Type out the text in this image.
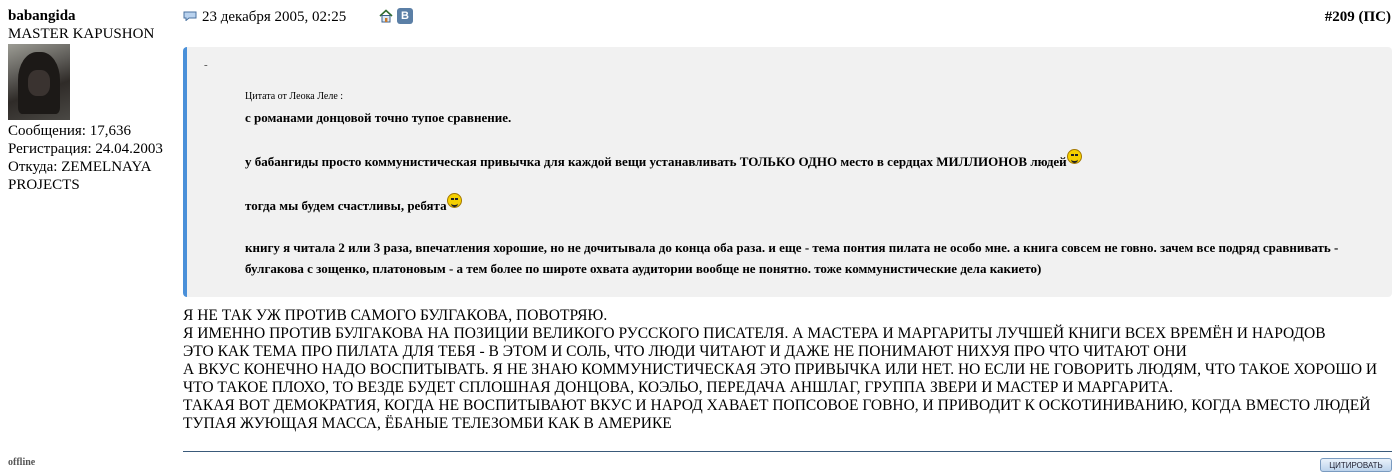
babangida
MASTER KAPUSHON
Сообщения: 17,636
Регистрация: 24.04.2003
Откуда: ZEMELNAYA PROJECTS
offline
23 декабря 2005, 02:25	В	#209 (ПС)
-
Цитата от Леока Леле :

с романами донцовой точно тупое сравнение.

у бабангиды просто коммунистическая привычка для каждой вещи устанавливать ТОЛЬКО ОДНО место в сердцах МИЛЛИОНОВ людей

тогда мы будем счастливы, ребята

книгу я читала 2 или 3 раза, впечатления хорошие, но не дочитывала до конца оба раза. и еще - тема понтия пилата не особо мне. а книга совсем не говно. зачем все подряд сравнивать - булгакова с зощенко, платоновым - а тем более по широте охвата аудитории вообще не понятно. тоже коммунистические дела какието)

Я НЕ ТАК УЖ ПРОТИВ САМОГО БУЛГАКОВА, ПОВОТРЯЮ.

Я ИМЕННО ПРОТИВ БУЛГАКОВА НА ПОЗИЦИИ ВЕЛИКОГО РУССКОГО ПИСАТЕЛЯ. А МАСТЕРА И МАРГАРИТЫ ЛУЧШЕЙ КНИГИ ВСЕХ ВРЕМЁН И НАРОДОВ

ЭТО КАК ТЕМА ПРО ПИЛАТА ДЛЯ ТЕБЯ - В ЭТОМ И СОЛЬ, ЧТО ЛЮДИ ЧИТАЮТ И ДАЖЕ НЕ ПОНИМАЮТ НИХУЯ ПРО ЧТО ЧИТАЮТ ОНИ

А ВКУС КОНЕЧНО НАДО ВОСПИТЫВАТЬ. Я НЕ ЗНАЮ КОММУНИСТИЧЕСКАЯ ЭТО ПРИВЫЧКА ИЛИ НЕТ. НО ЕСЛИ НЕ ГОВОРИТЬ ЛЮДЯМ, ЧТО ТАКОЕ ХОРОШО И ЧТО ТАКОЕ ПЛОХО, ТО ВЕЗДЕ БУДЕТ СПЛОШНАЯ ДОНЦОВА, КОЭЛЬО, ПЕРЕДАЧА АНШЛАГ, ГРУППА ЗВЕРИ И МАСТЕР И МАРГАРИТА.

ТАКАЯ ВОТ ДЕМОКРАТИЯ, КОГДА НЕ ВОСПИТЫВАЮТ ВКУС И НАРОД ХАВАЕТ ПОПСОВОЕ ГОВНО, И ПРИВОДИТ К ОСКОТИНИВАНИЮ, КОГДА ВМЕСТО ЛЮДЕЙ ТУПАЯ ЖУЮЩАЯ МАССА, ЁБАНЫЕ ТЕЛЕЗОМБИ КАК В АМЕРИКЕ

ЦИТИРОВАТЬ
